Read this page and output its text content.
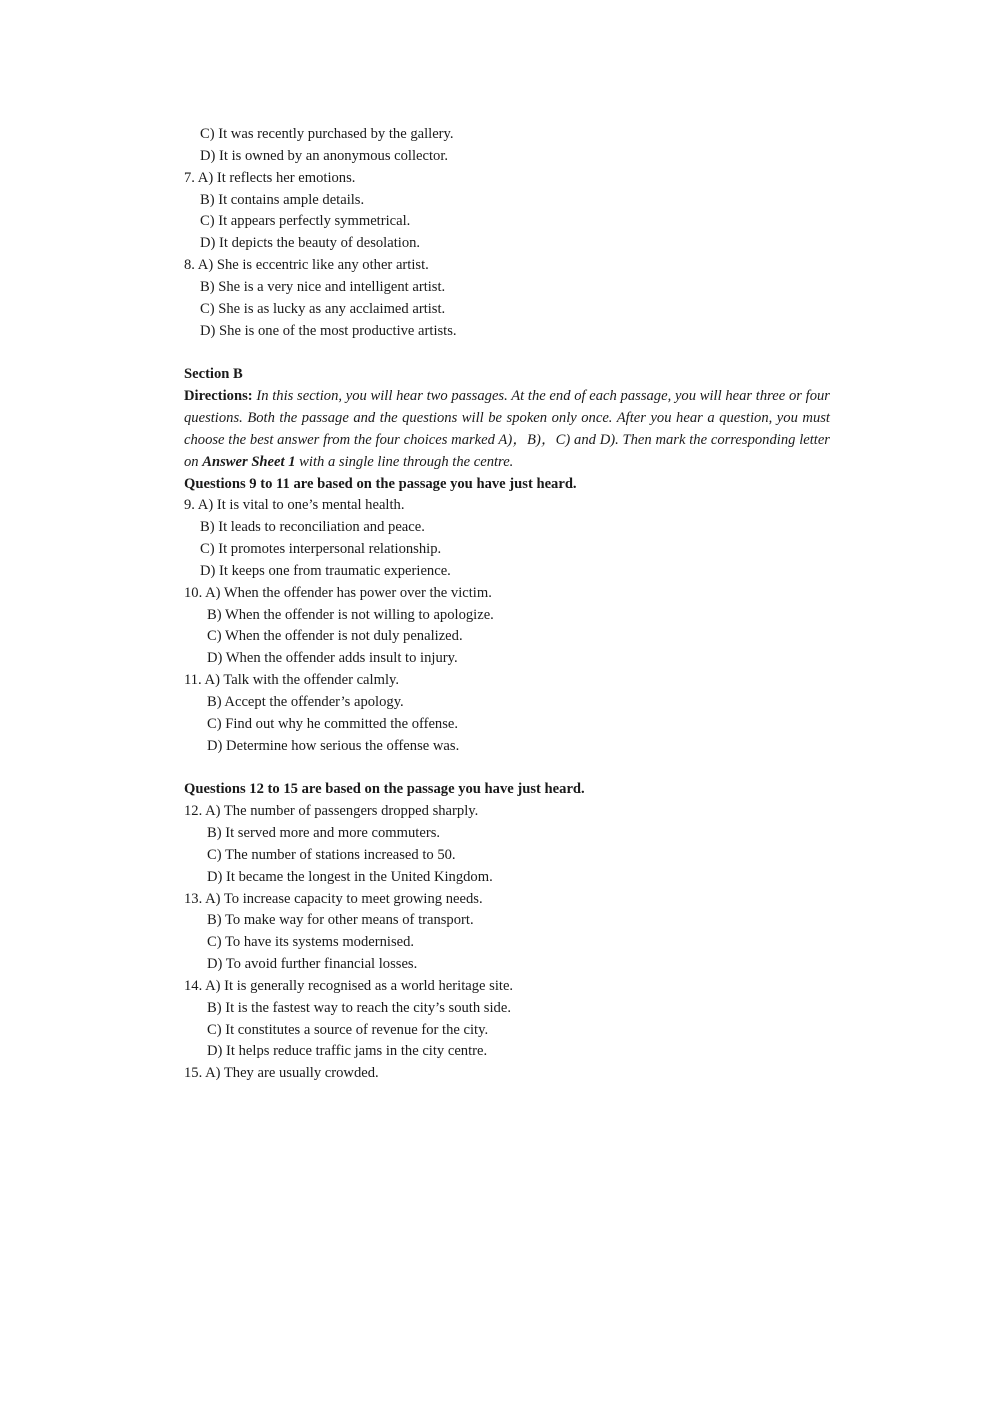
C) It was recently purchased by the gallery.
D) It is owned by an anonymous collector.
7. A) It reflects her emotions.
B) It contains ample details.
C) It appears perfectly symmetrical.
D) It depicts the beauty of desolation.
8. A) She is eccentric like any other artist.
B) She is a very nice and intelligent artist.
C) She is as lucky as any acclaimed artist.
D) She is one of the most productive artists.
Section B
Directions: In this section, you will hear two passages. At the end of each passage, you will hear three or four questions. Both the passage and the questions will be spoken only once. After you hear a question, you must choose the best answer from the four choices marked A)，B)，C) and D). Then mark the corresponding letter on Answer Sheet 1 with a single line through the centre.
Questions 9 to 11 are based on the passage you have just heard.
9. A) It is vital to one’s mental health.
B) It leads to reconciliation and peace.
C) It promotes interpersonal relationship.
D) It keeps one from traumatic experience.
10. A) When the offender has power over the victim.
B) When the offender is not willing to apologize.
C) When the offender is not duly penalized.
D) When the offender adds insult to injury.
11. A) Talk with the offender calmly.
B) Accept the offender’s apology.
C) Find out why he committed the offense.
D) Determine how serious the offense was.
Questions 12 to 15 are based on the passage you have just heard.
12. A) The number of passengers dropped sharply.
B) It served more and more commuters.
C) The number of stations increased to 50.
D) It became the longest in the United Kingdom.
13. A) To increase capacity to meet growing needs.
B) To make way for other means of transport.
C) To have its systems modernised.
D) To avoid further financial losses.
14. A) It is generally recognised as a world heritage site.
B) It is the fastest way to reach the city’s south side.
C) It constitutes a source of revenue for the city.
D) It helps reduce traffic jams in the city centre.
15. A) They are usually crowded.
